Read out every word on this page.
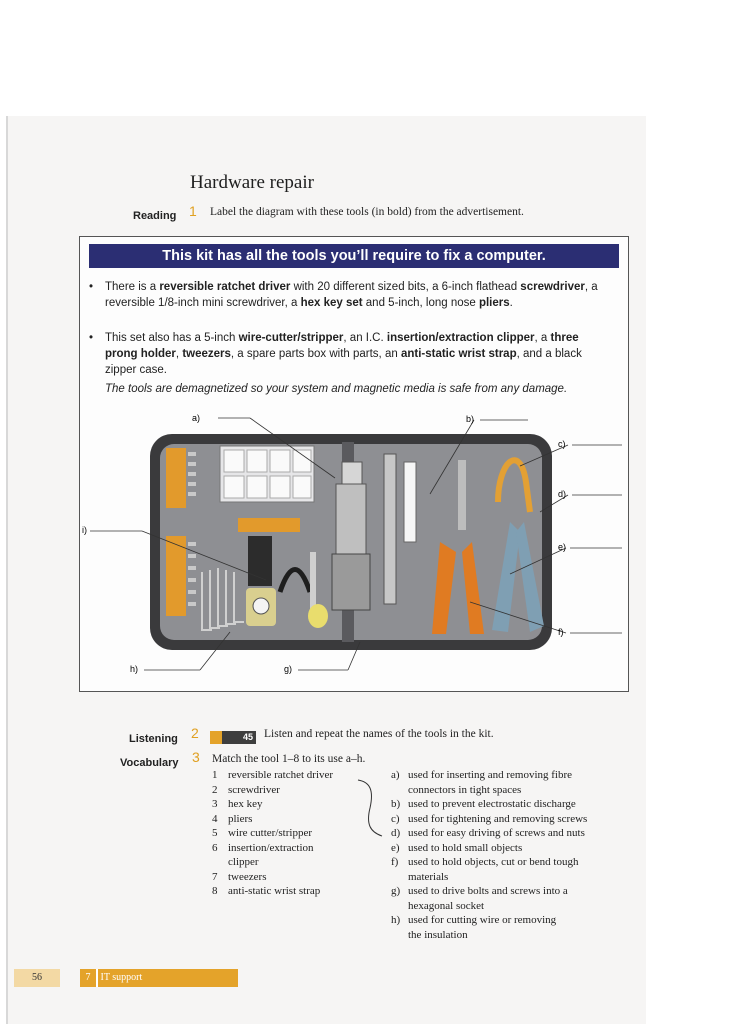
Hardware repair
Reading 1 Label the diagram with these tools (in bold) from the advertisement.
This kit has all the tools you’ll require to fix a computer.
• There is a reversible ratchet driver with 20 different sized bits, a 6-inch flathead screwdriver, a reversible 1/8-inch mini screwdriver, a hex key set and 5-inch, long nose pliers.
• This set also has a 5-inch wire-cutter/stripper, an I.C. insertion/extraction clipper, a three prong holder, tweezers, a spare parts box with parts, an anti-static wrist strap, and a black zipper case.
The tools are demagnetized so your system and magnetic media is safe from any damage.
a)	b)
c)
d)
e)
f)
g)
h)
i)
Listening 2	45 Listen and repeat the names of the tools in the kit.
Vocabulary 3 Match the tool 1–8 to its use a–h.
1 reversible ratchet driver
2 screwdriver
3 hex key
4 pliers
5 wire cutter/stripper
6 insertion/extraction
clipper
7 tweezers
8 anti-static wrist strap
a) used for inserting and removing fibre
connectors in tight spaces
b) used to prevent electrostatic discharge
c) used for tightening and removing screws
d) used for easy driving of screws and nuts
e) used to hold small objects
f) used to hold objects, cut or bend tough
materials
g) used to drive bolts and screws into a
hexagonal socket
h) used for cutting wire or removing
the insulation
56	7 IT support
